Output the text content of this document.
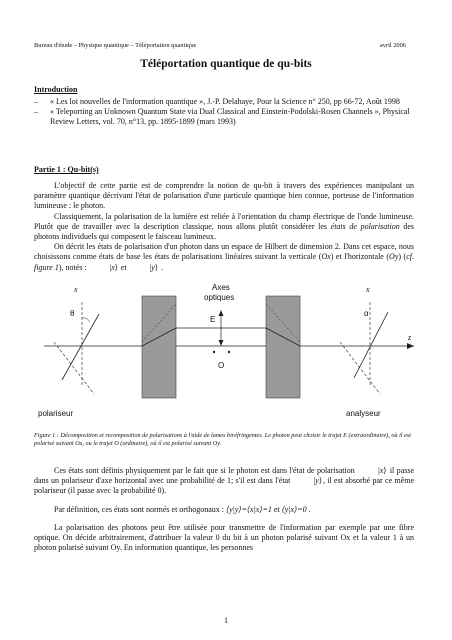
Bureau d'étude – Physique quantique – Téléportation quantique	avril 2006
Téléportation quantique de qu-bits
Introduction
– « Les loi nouvelles de l'information quantique », J.-P. Delahaye, Pour la Science n° 250, pp 66-72, Août 1998
– « Teleporting an Unknown Quantum State via Dual Classical and Einstein-Podolski-Rosen Channels », Physical Review Letters, vol. 70, n°13, pp. 1895-1899 (mars 1993)
Partie 1 : Qu-bit(s)

L'objectif de cette partie est de comprendre la notion de qu-bit à travers des expériences manipulant un paramètre quantique décrivant l'état de polarisation d'une particule quantique bien connue, porteuse de l'information lumineuse : le photon.

Classiquement, la polarisation de la lumière est reliée à l'orientation du champ électrique de l'onde lumineuse. Plutôt que de travailler avec la description classique, nous allons plutôt considérer les états de polarisation des photons individuels qui composent le faisceau lumineux.

On décrit les états de polarisation d'un photon dans un espace de Hilbert de dimension 2. Dans cet espace, nous choisissons comme états de base les états de polarisations linéaires suivant la verticale (Ox) et l'horizontale (Oy) (cf. figure 1), notés :	|x⟩ et	|y⟩ .

x
θ
Axes
optiques
z
E
O
x
α
polariseur	analyseur
Figure 1 : Décomposition et recomposition de polarisations à l'aide de lames biréfringentes. Le photon peut choisir le trajet E (extraordinaire), où il est polarisé suivant Ox, ou le trajet O (ordinaire), où il est polarisé suivant Oy.

Ces états sont définis physiquement par le fait que si le photon est dans l'état de polarisation	|x⟩ il passe dans un polariseur d'axe horizontal avec une probabilité de 1; s'il est dans l'état	|y⟩, il est absorbé par ce même polariseur (il passe avec la probabilité 0).

Par définition, ces états sont normés et orthogonaux : ⟨y|y⟩=⟨x|x⟩=1 et ⟨y|x⟩=0 .

La polarisation des photons peut être utilisée pour transmettre de l'information par exemple par une fibre optique. On décide arbitrairement, d'attribuer la valeur 0 du bit à un photon polarisé suivant Ox et la valeur 1 à un photon polarisé suivant Oy. En information quantique, les personnes

1
